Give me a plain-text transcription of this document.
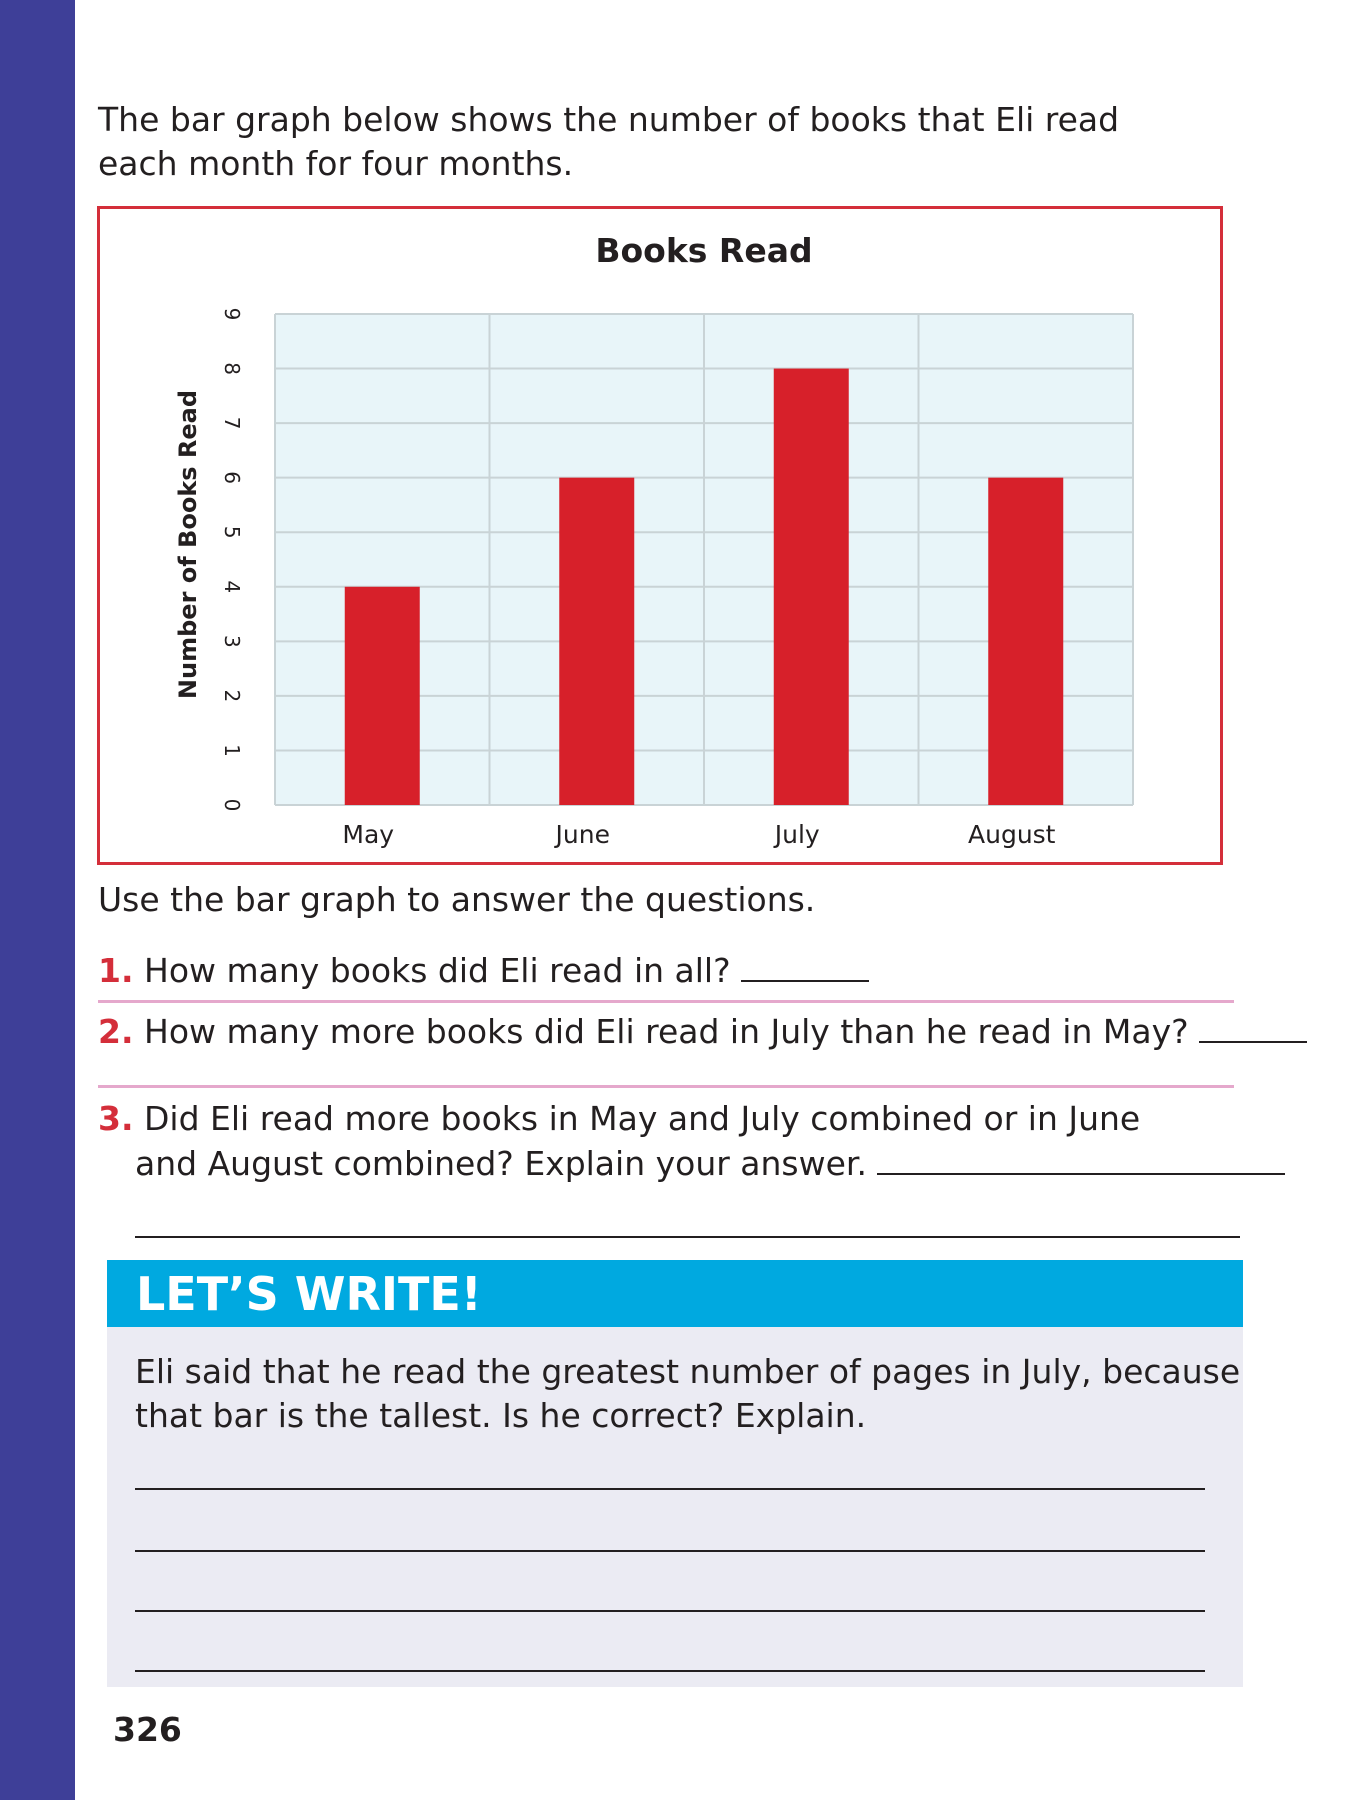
The bar graph below shows the number of books that Eli read
each month for four months.
0
1
2
3
4
5
6
7
8
9
May	June	July	August
Books Read
Number of Books Read
Use the bar graph to answer the questions.
1. How many books did Eli read in all?
2. How many more books did Eli read in July than he read in May?
3. Did Eli read more books in May and July combined or in June
and August combined? Explain your answer.
LET’S WRITE!
Eli said that he read the greatest number of pages in July, because
that bar is the tallest. Is he correct? Explain.
326
